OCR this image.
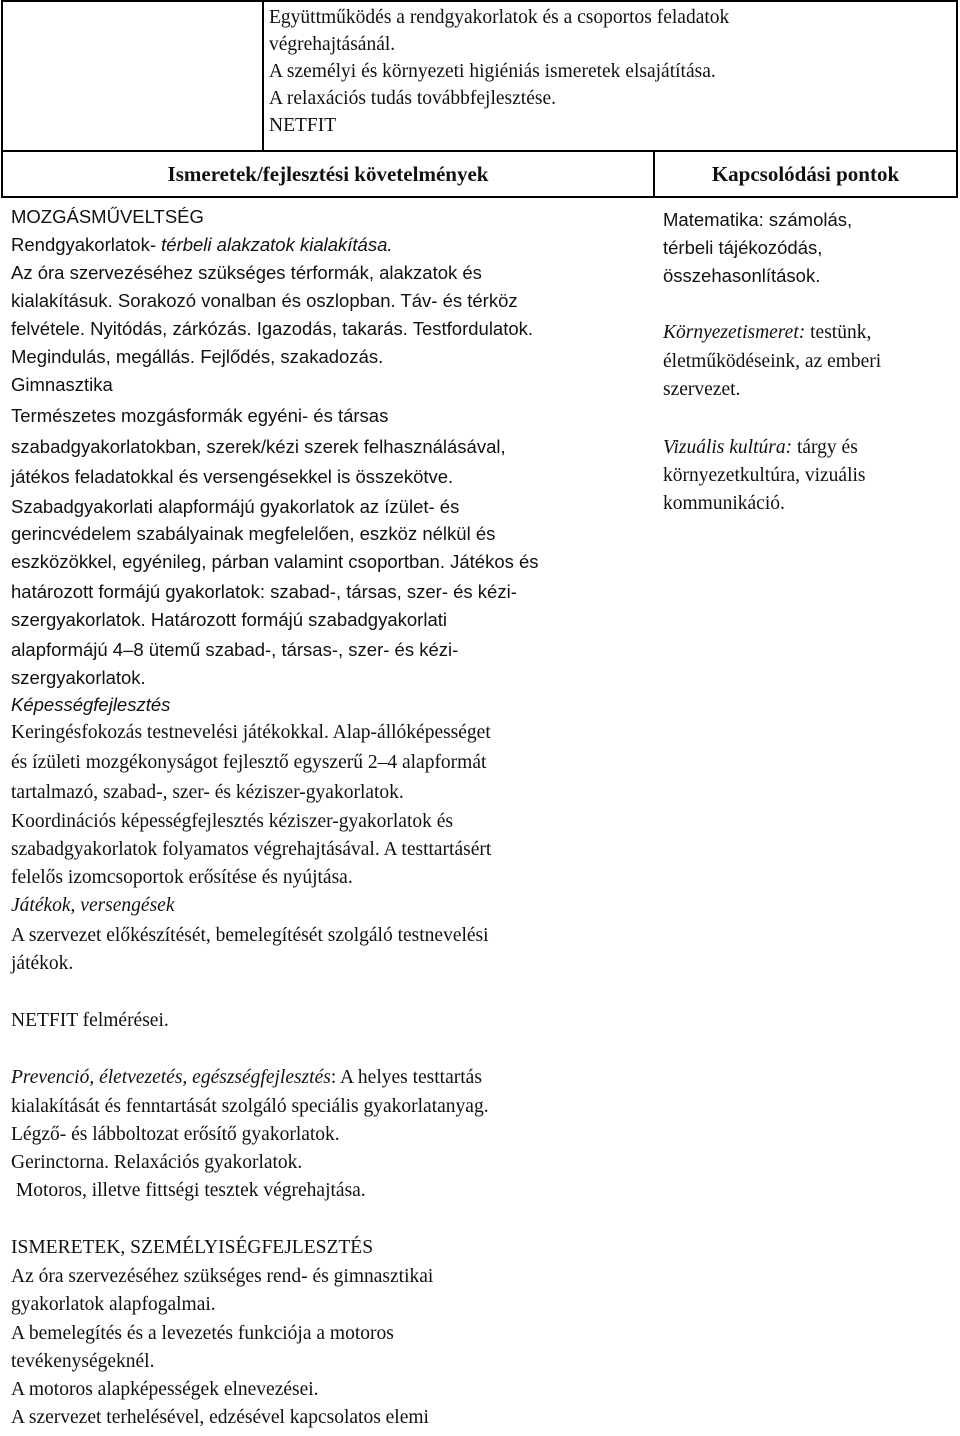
Együttműködés a rendgyakorlatok és a csoportos feladatok

végrehajtásánál.

A személyi és környezeti higiéniás ismeretek elsajátítása.

A relaxációs tudás továbbfejlesztése.

NETFIT

Ismeretek/fejlesztési követelmények	Kapcsolódási pontok

MOZGÁSMŰVELTSÉG

Rendgyakorlatok- térbeli alakzatok kialakítása.

Az óra szervezéséhez szükséges térformák, alakzatok és

kialakításuk. Sorakozó vonalban és oszlopban. Táv- és térköz

felvétele. Nyitódás, zárkózás. Igazodás, takarás. Testfordulatok.

Megindulás, megállás. Fejlődés, szakadozás.

Gimnasztika

Természetes mozgásformák egyéni- és társas

szabadgyakorlatokban, szerek/kézi szerek felhasználásával,

játékos feladatokkal és versengésekkel is összekötve.

Szabadgyakorlati alapformájú gyakorlatok az ízület- és

gerincvédelem szabályainak megfelelően, eszköz nélkül és

eszközökkel, egyénileg, párban valamint csoportban. Játékos és

határozott formájú gyakorlatok: szabad-, társas, szer- és kézi-

szergyakorlatok. Határozott formájú szabadgyakorlati

alapformájú 4‒8 ütemű szabad-, társas-, szer- és kézi-

szergyakorlatok.

Képességfejlesztés

Keringésfokozás testnevelési játékokkal. Alap-állóképességet

és ízületi mozgékonyságot fejlesztő egyszerű 2‒4 alapformát

tartalmazó, szabad-, szer- és kéziszer-gyakorlatok.

Koordinációs képességfejlesztés kéziszer-gyakorlatok és

szabadgyakorlatok folyamatos végrehajtásával. A testtartásért

felelős izomcsoportok erősítése és nyújtása.

Játékok, versengések

A szervezet előkészítését, bemelegítését szolgáló testnevelési

játékok.

NETFIT felmérései.

Prevenció, életvezetés, egészségfejlesztés: A helyes testtartás

kialakítását és fenntartását szolgáló speciális gyakorlatanyag.

Légző- és lábboltozat erősítő gyakorlatok.

Gerinctorna. Relaxációs gyakorlatok.

Motoros, illetve fittségi tesztek végrehajtása.

ISMERETEK, SZEMÉLYISÉGFEJLESZTÉS

Az óra szervezéséhez szükséges rend- és gimnasztikai

gyakorlatok alapfogalmai.

A bemelegítés és a levezetés funkciója a motoros

tevékenységeknél.

A motoros alapképességek elnevezései.

A szervezet terhelésével, edzésével kapcsolatos elemi

Matematika: számolás,

térbeli tájékozódás,

összehasonlítások.

Környezetismeret: testünk,

életműködéseink, az emberi

szervezet.

Vizuális kultúra: tárgy és

környezetkultúra, vizuális

kommunikáció.
